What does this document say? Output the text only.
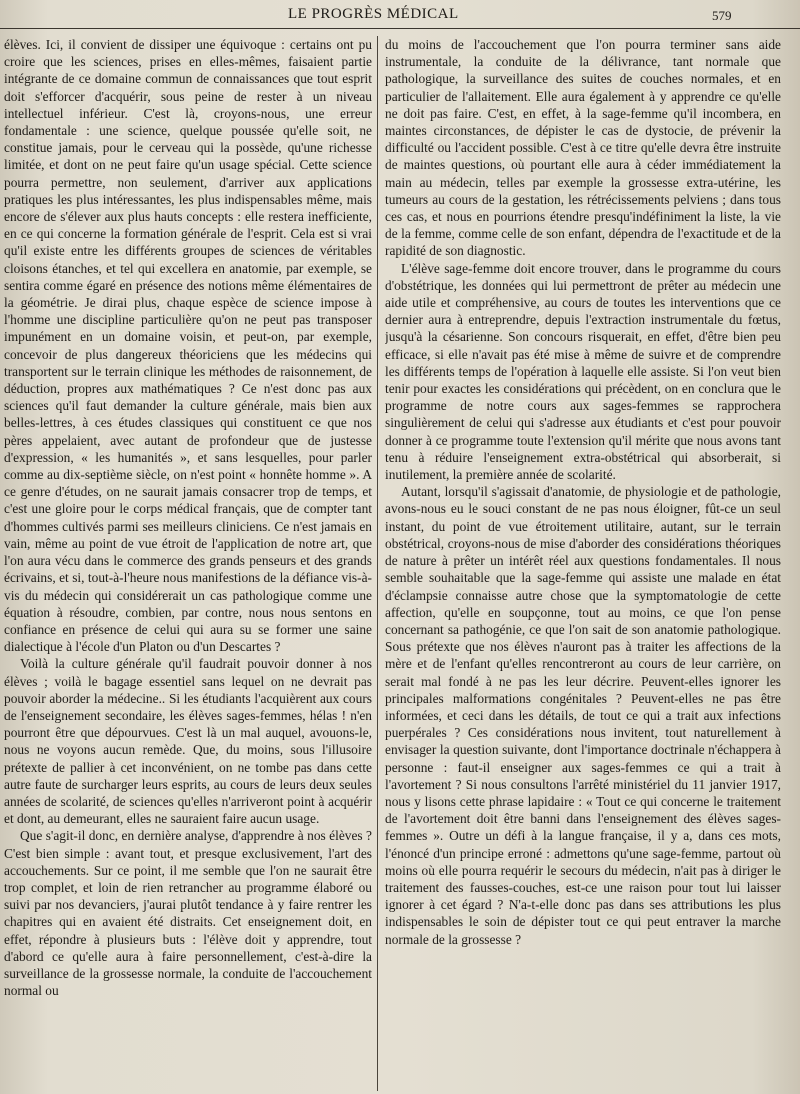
LE PROGRÈS MÉDICAL	579

élèves. Ici, il convient de dissiper une équivoque : certains ont pu croire que les sciences, prises en elles-mêmes, faisaient partie intégrante de ce domaine commun de connaissances que tout esprit doit s'efforcer d'acquérir, sous peine de rester à un niveau intellectuel inférieur. C'est là, croyons-nous, une erreur fondamentale : une science, quelque poussée qu'elle soit, ne constitue jamais, pour le cerveau qui la possède, qu'une richesse limitée, et dont on ne peut faire qu'un usage spécial. Cette science pourra permettre, non seulement, d'arriver aux applications pratiques les plus intéressantes, les plus indispensables même, mais encore de s'élever aux plus hauts concepts : elle restera inefficiente, en ce qui concerne la formation générale de l'esprit. Cela est si vrai qu'il existe entre les différents groupes de sciences de véritables cloisons étanches, et tel qui excellera en anatomie, par exemple, se sentira comme égaré en présence des notions même élémentaires de la géométrie. Je dirai plus, chaque espèce de science impose à l'homme une discipline particulière qu'on ne peut pas transposer impunément en un domaine voisin, et peut-on, par exemple, concevoir de plus dangereux théoriciens que les médecins qui transportent sur le terrain clinique les méthodes de raisonnement, de déduction, propres aux mathématiques ? Ce n'est donc pas aux sciences qu'il faut demander la culture générale, mais bien aux belles-lettres, à ces études classiques qui constituent ce que nos pères appelaient, avec autant de profondeur que de justesse d'expression, « les humanités », et sans lesquelles, pour parler comme au dix-septième siècle, on n'est point « honnête homme ». A ce genre d'études, on ne saurait jamais consacrer trop de temps, et c'est une gloire pour le corps médical français, que de compter tant d'hommes cultivés parmi ses meilleurs cliniciens. Ce n'est jamais en vain, même au point de vue étroit de l'application de notre art, que l'on aura vécu dans le commerce des grands penseurs et des grands écrivains, et si, tout-à-l'heure nous manifestions de la défiance vis-à-vis du médecin qui considérerait un cas pathologique comme une équation à résoudre, combien, par contre, nous nous sentons en confiance en présence de celui qui aura su se former une saine dialectique à l'école d'un Platon ou d'un Descartes ?

Voilà la culture générale qu'il faudrait pouvoir donner à nos élèves ; voilà le bagage essentiel sans lequel on ne devrait pas pouvoir aborder la médecine.. Si les étudiants l'acquièrent aux cours de l'enseignement secondaire, les élèves sages-femmes, hélas ! n'en pourront être que dépourvues. C'est là un mal auquel, avouons-le, nous ne voyons aucun remède. Que, du moins, sous l'illusoire prétexte de pallier à cet inconvénient, on ne tombe pas dans cette autre faute de surcharger leurs esprits, au cours de leurs deux seules années de scolarité, de sciences qu'elles n'arriveront point à acquérir et dont, au demeurant, elles ne sauraient faire aucun usage.

Que s'agit-il donc, en dernière analyse, d'apprendre à nos élèves ? C'est bien simple : avant tout, et presque exclusivement, l'art des accouchements. Sur ce point, il me semble que l'on ne saurait être trop complet, et loin de rien retrancher au programme élaboré ou suivi par nos devanciers, j'aurai plutôt tendance à y faire rentrer les chapitres qui en avaient été distraits. Cet enseignement doit, en effet, répondre à plusieurs buts : l'élève doit y apprendre, tout d'abord ce qu'elle aura à faire personnellement, c'est-à-dire la surveillance de la grossesse normale, la conduite de l'accouchement normal ou

du moins de l'accouchement que l'on pourra terminer sans aide instrumentale, la conduite de la délivrance, tant normale que pathologique, la surveillance des suites de couches normales, et en particulier de l'allaitement. Elle aura également à y apprendre ce qu'elle ne doit pas faire. C'est, en effet, à la sage-femme qu'il incombera, en maintes circonstances, de dépister le cas de dystocie, de prévenir la difficulté ou l'accident possible. C'est à ce titre qu'elle devra être instruite de maintes questions, où pourtant elle aura à céder immédiatement la main au médecin, telles par exemple la grossesse extra-utérine, les tumeurs au cours de la gestation, les rétrécissements pelviens ; dans tous ces cas, et nous en pourrions étendre presqu'indéfiniment la liste, la vie de la femme, comme celle de son enfant, dépendra de l'exactitude et de la rapidité de son diagnostic.

L'élève sage-femme doit encore trouver, dans le programme du cours d'obstétrique, les données qui lui permettront de prêter au médecin une aide utile et compréhensive, au cours de toutes les interventions que ce dernier aura à entreprendre, depuis l'extraction instrumentale du fœtus, jusqu'à la césarienne. Son concours risquerait, en effet, d'être bien peu efficace, si elle n'avait pas été mise à même de suivre et de comprendre les différents temps de l'opération à laquelle elle assiste. Si l'on veut bien tenir pour exactes les considérations qui précèdent, on en conclura que le programme de notre cours aux sages-femmes se rapprochera singulièrement de celui qui s'adresse aux étudiants et c'est pour pouvoir donner à ce programme toute l'extension qu'il mérite que nous avons tant tenu à réduire l'enseignement extra-obstétrical qui absorberait, si inutilement, la première année de scolarité.

Autant, lorsqu'il s'agissait d'anatomie, de physiologie et de pathologie, avons-nous eu le souci constant de ne pas nous éloigner, fût-ce un seul instant, du point de vue étroitement utilitaire, autant, sur le terrain obstétrical, croyons-nous de mise d'aborder des considérations théoriques de nature à prêter un intérêt réel aux questions fondamentales. Il nous semble souhaitable que la sage-femme qui assiste une malade en état d'éclampsie connaisse autre chose que la symptomatologie de cette affection, qu'elle en soupçonne, tout au moins, ce que l'on pense concernant sa pathogénie, ce que l'on sait de son anatomie pathologique. Sous prétexte que nos élèves n'auront pas à traiter les affections de la mère et de l'enfant qu'elles rencontreront au cours de leur carrière, on serait mal fondé à ne pas les leur décrire. Peuvent-elles ignorer les principales malformations congénitales ? Peuvent-elles ne pas être informées, et ceci dans les détails, de tout ce qui a trait aux infections puerpérales ? Ces considérations nous invitent, tout naturellement à envisager la question suivante, dont l'importance doctrinale n'échappera à personne : faut-il enseigner aux sages-femmes ce qui a trait à l'avortement ? Si nous consultons l'arrêté ministériel du 11 janvier 1917, nous y lisons cette phrase lapidaire : « Tout ce qui concerne le traitement de l'avortement doit être banni dans l'enseignement des élèves sages-femmes ». Outre un défi à la langue française, il y a, dans ces mots, l'énoncé d'un principe erroné : admettons qu'une sage-femme, partout où moins où elle pourra requérir le secours du médecin, n'ait pas à diriger le traitement des fausses-couches, est-ce une raison pour tout lui laisser ignorer à cet égard ? N'a-t-elle donc pas dans ses attributions les plus indispensables le soin de dépister tout ce qui peut entraver la marche normale de la grossesse ?
